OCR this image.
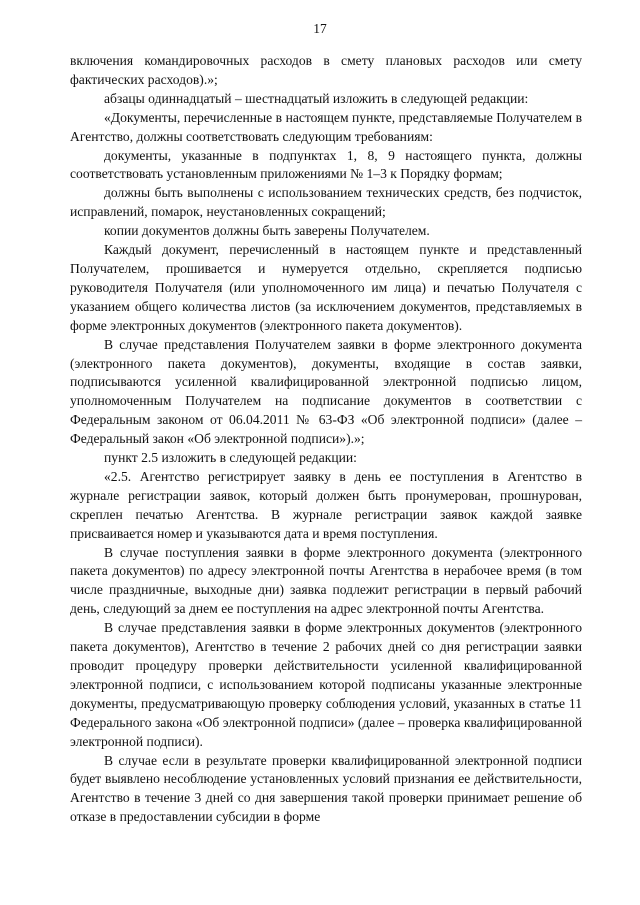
17

включения командировочных расходов в смету плановых расходов или смету фактических расходов).»;

абзацы одиннадцатый – шестнадцатый изложить в следующей редакции:

«Документы, перечисленные в настоящем пункте, представляемые Получателем в Агентство, должны соответствовать следующим требованиям:

документы, указанные в подпунктах 1, 8, 9 настоящего пункта, должны соответствовать установленным приложениями № 1–3 к Порядку формам;

должны быть выполнены с использованием технических средств, без подчисток, исправлений, помарок, неустановленных сокращений;

копии документов должны быть заверены Получателем.

Каждый документ, перечисленный в настоящем пункте и представленный Получателем, прошивается и нумеруется отдельно, скрепляется подписью руководителя Получателя (или уполномоченного им лица) и печатью Получателя с указанием общего количества листов (за исключением документов, представляемых в форме электронных документов (электронного пакета документов).

В случае представления Получателем заявки в форме электронного документа (электронного пакета документов), документы, входящие в состав заявки, подписываются усиленной квалифицированной электронной подписью лицом, уполномоченным Получателем на подписание документов в соответствии с Федеральным законом от 06.04.2011 № 63-ФЗ «Об электронной подписи» (далее – Федеральный закон «Об электронной подписи»).»;

пункт 2.5 изложить в следующей редакции:

«2.5. Агентство регистрирует заявку в день ее поступления в Агентство в журнале регистрации заявок, который должен быть пронумерован, прошнурован, скреплен печатью Агентства. В журнале регистрации заявок каждой заявке присваивается номер и указываются дата и время поступления.

В случае поступления заявки в форме электронного документа (электронного пакета документов) по адресу электронной почты Агентства в нерабочее время (в том числе праздничные, выходные дни) заявка подлежит регистрации в первый рабочий день, следующий за днем ее поступления на адрес электронной почты Агентства.

В случае представления заявки в форме электронных документов (электронного пакета документов), Агентство в течение 2 рабочих дней со дня регистрации заявки проводит процедуру проверки действительности усиленной квалифицированной электронной подписи, с использованием которой подписаны указанные электронные документы, предусматривающую проверку соблюдения условий, указанных в статье 11 Федерального закона «Об электронной подписи» (далее – проверка квалифицированной электронной подписи).

В случае если в результате проверки квалифицированной электронной подписи будет выявлено несоблюдение установленных условий признания ее действительности, Агентство в течение 3 дней со дня завершения такой проверки принимает решение об отказе в предоставлении субсидии в форме
